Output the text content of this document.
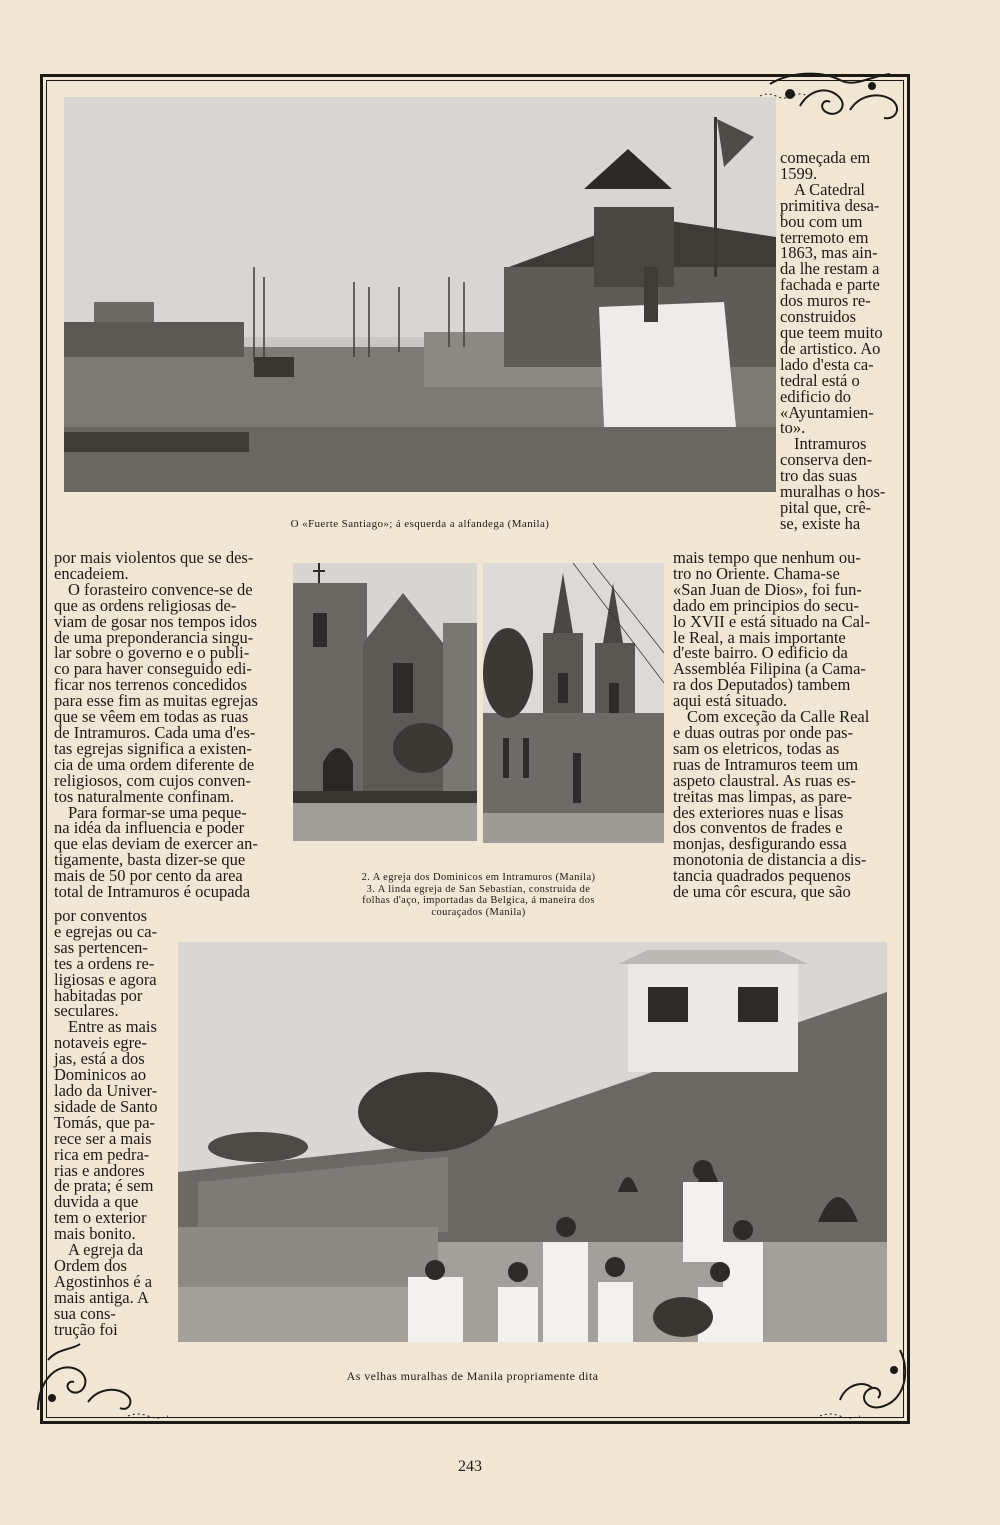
O «Fuerte Santiago»; á esquerda a alfandega (Manila)

começada em

1599.

A Catedral

primitiva desa-

bou com um

terremoto em

1863, mas ain-

da lhe restam a

fachada e parte

dos muros re-

construidos

que teem muito

de artistico. Ao

lado d'esta ca-

tedral está o

edificio do

«Ayuntamien-

to».

Intramuros

conserva den-

tro das suas

muralhas o hos-

pital que, crê-

se, existe ha

por mais violentos que se des-

encadeiem.

O forasteiro convence-se de

que as ordens religiosas de-

viam de gosar nos tempos idos

de uma preponderancia singu-

lar sobre o governo e o publi-

co para haver conseguido edi-

ficar nos terrenos concedidos

para esse fim as muitas egrejas

que se vêem em todas as ruas

de Intramuros. Cada uma d'es-

tas egrejas significa a existen-

cia de uma ordem diferente de

religiosos, com cujos conven-

tos naturalmente confinam.

Para formar-se uma peque-

na idéa da influencia e poder

que elas deviam de exercer an-

tigamente, basta dizer-se que

mais de 50 por cento da area

total de Intramuros é ocupada

2. A egreja dos Dominicos em Intramuros (Manila)
3. A linda egreja de San Sebastian, construida de
folhas d'aço, importadas da Belgica, á maneira dos
couraçados (Manila)

mais tempo que nenhum ou-

tro no Oriente. Chama-se

«San Juan de Dios», foi fun-

dado em principios do secu-

lo XVII e está situado na Cal-

le Real, a mais importante

d'este bairro. O edificio da

Assembléa Filipina (a Cama-

ra dos Deputados) tambem

aqui está situado.

Com exceção da Calle Real

e duas outras por onde pas-

sam os eletricos, todas as

ruas de Intramuros teem um

aspeto claustral. As ruas es-

treitas mas limpas, as pare-

des exteriores nuas e lisas

dos conventos de frades e

monjas, desfigurando essa

monotonia de distancia a dis-

tancia quadrados pequenos

de uma côr escura, que são

por conventos

e egrejas ou ca-

sas pertencen-

tes a ordens re-

ligiosas e agora

habitadas por

seculares.

Entre as mais

notaveis egre-

jas, está a dos

Dominicos ao

lado da Univer-

sidade de Santo

Tomás, que pa-

rece ser a mais

rica em pedra-

rias e andores

de prata; é sem

duvida a que

tem o exterior

mais bonito.

A egreja da

Ordem dos

Agostinhos é a

mais antiga. A

sua cons-

trução foi

As velhas muralhas de Manila propriamente dita
243
